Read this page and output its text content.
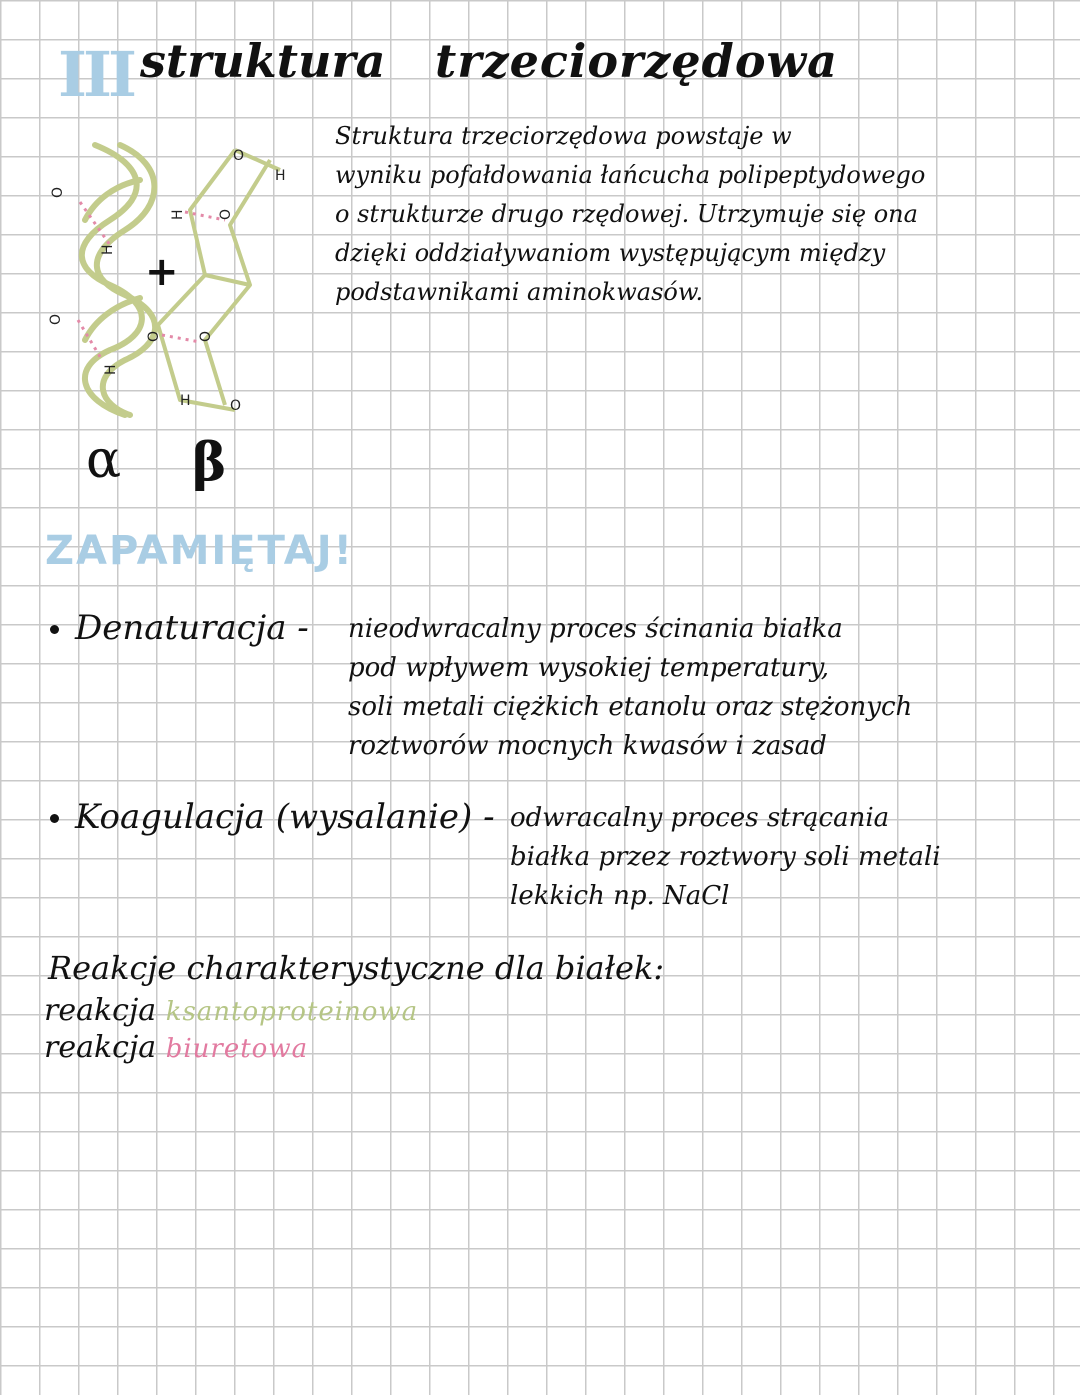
III struktura trzeciorzędowa
O
H
O
H
O
H
H O
O	O
H	O
+
α β
Struktura trzeciorzędowa powstaje w
wyniku pofałdowania łańcucha polipeptydowego
o strukturze drugo rzędowej. Utrzymuje się ona
dzięki oddziaływaniom występującym między
podstawnikami aminokwasów.
ZAPAMIĘTAJ!
Denaturacja - nieodwracalny proces ścinania białka
pod wpływem wysokiej temperatury,
soli metali ciężkich etanolu oraz stężonych
roztworów mocnych kwasów i zasad
Koagulacja (wysalanie) - odwracalny proces strącania
białka przez roztwory soli metali
lekkich np. NaCl
Reakcje charakterystyczne dla białek:
reakcja ksantoproteinowa
reakcja biuretowa
